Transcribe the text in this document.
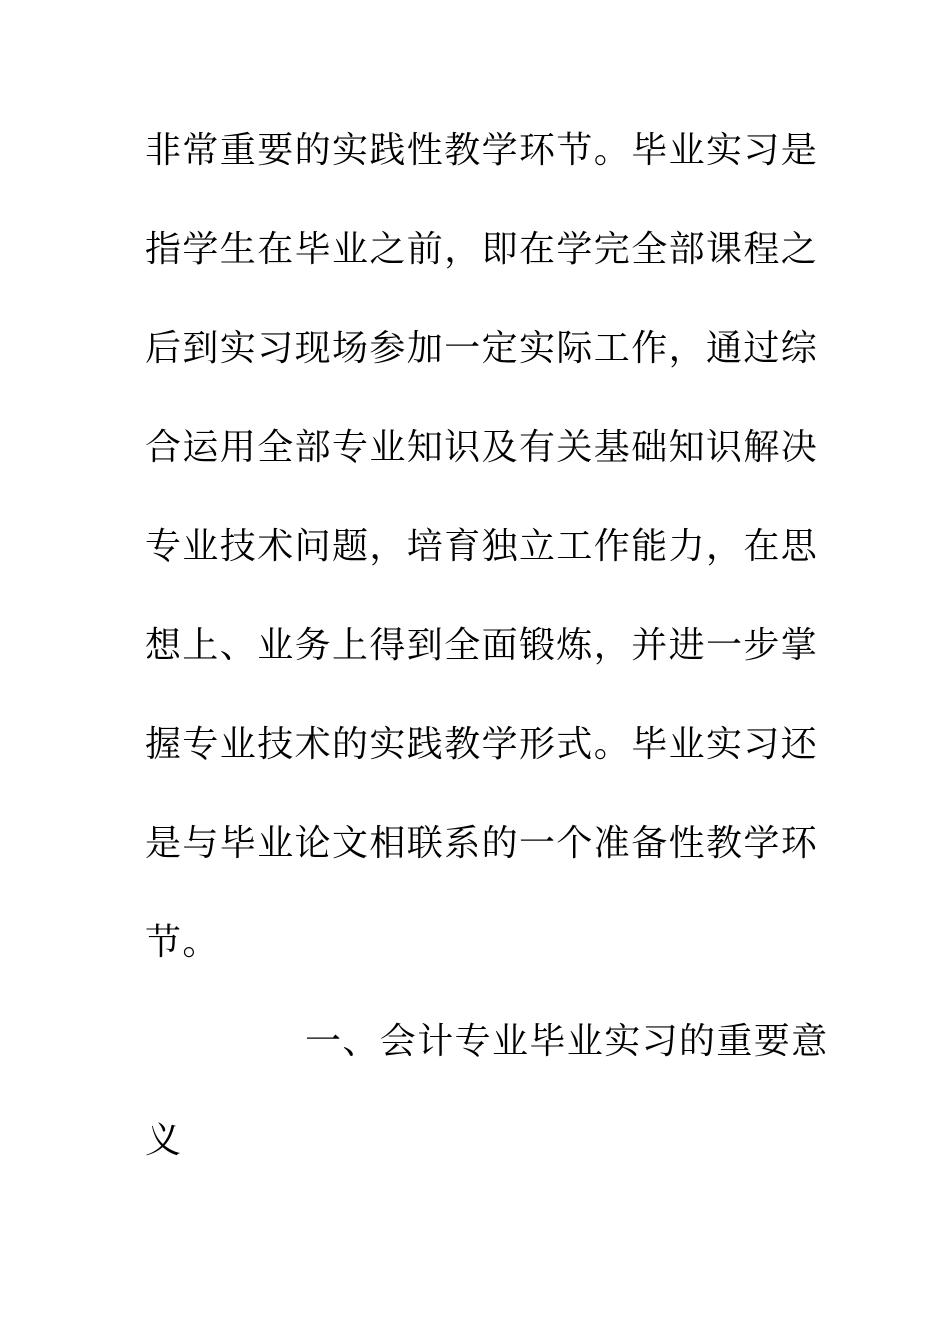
非常重要的实践性教学环节。毕业实习是
指学生在毕业之前，即在学完全部课程之
后到实习现场参加一定实际工作，通过综
合运用全部专业知识及有关基础知识解决
专业技术问题，培育独立工作能力，在思
想上、业务上得到全面锻炼，并进一步掌
握专业技术的实践教学形式。毕业实习还
是与毕业论文相联系的一个准备性教学环
节。
一、会计专业毕业实习的重要意
义
